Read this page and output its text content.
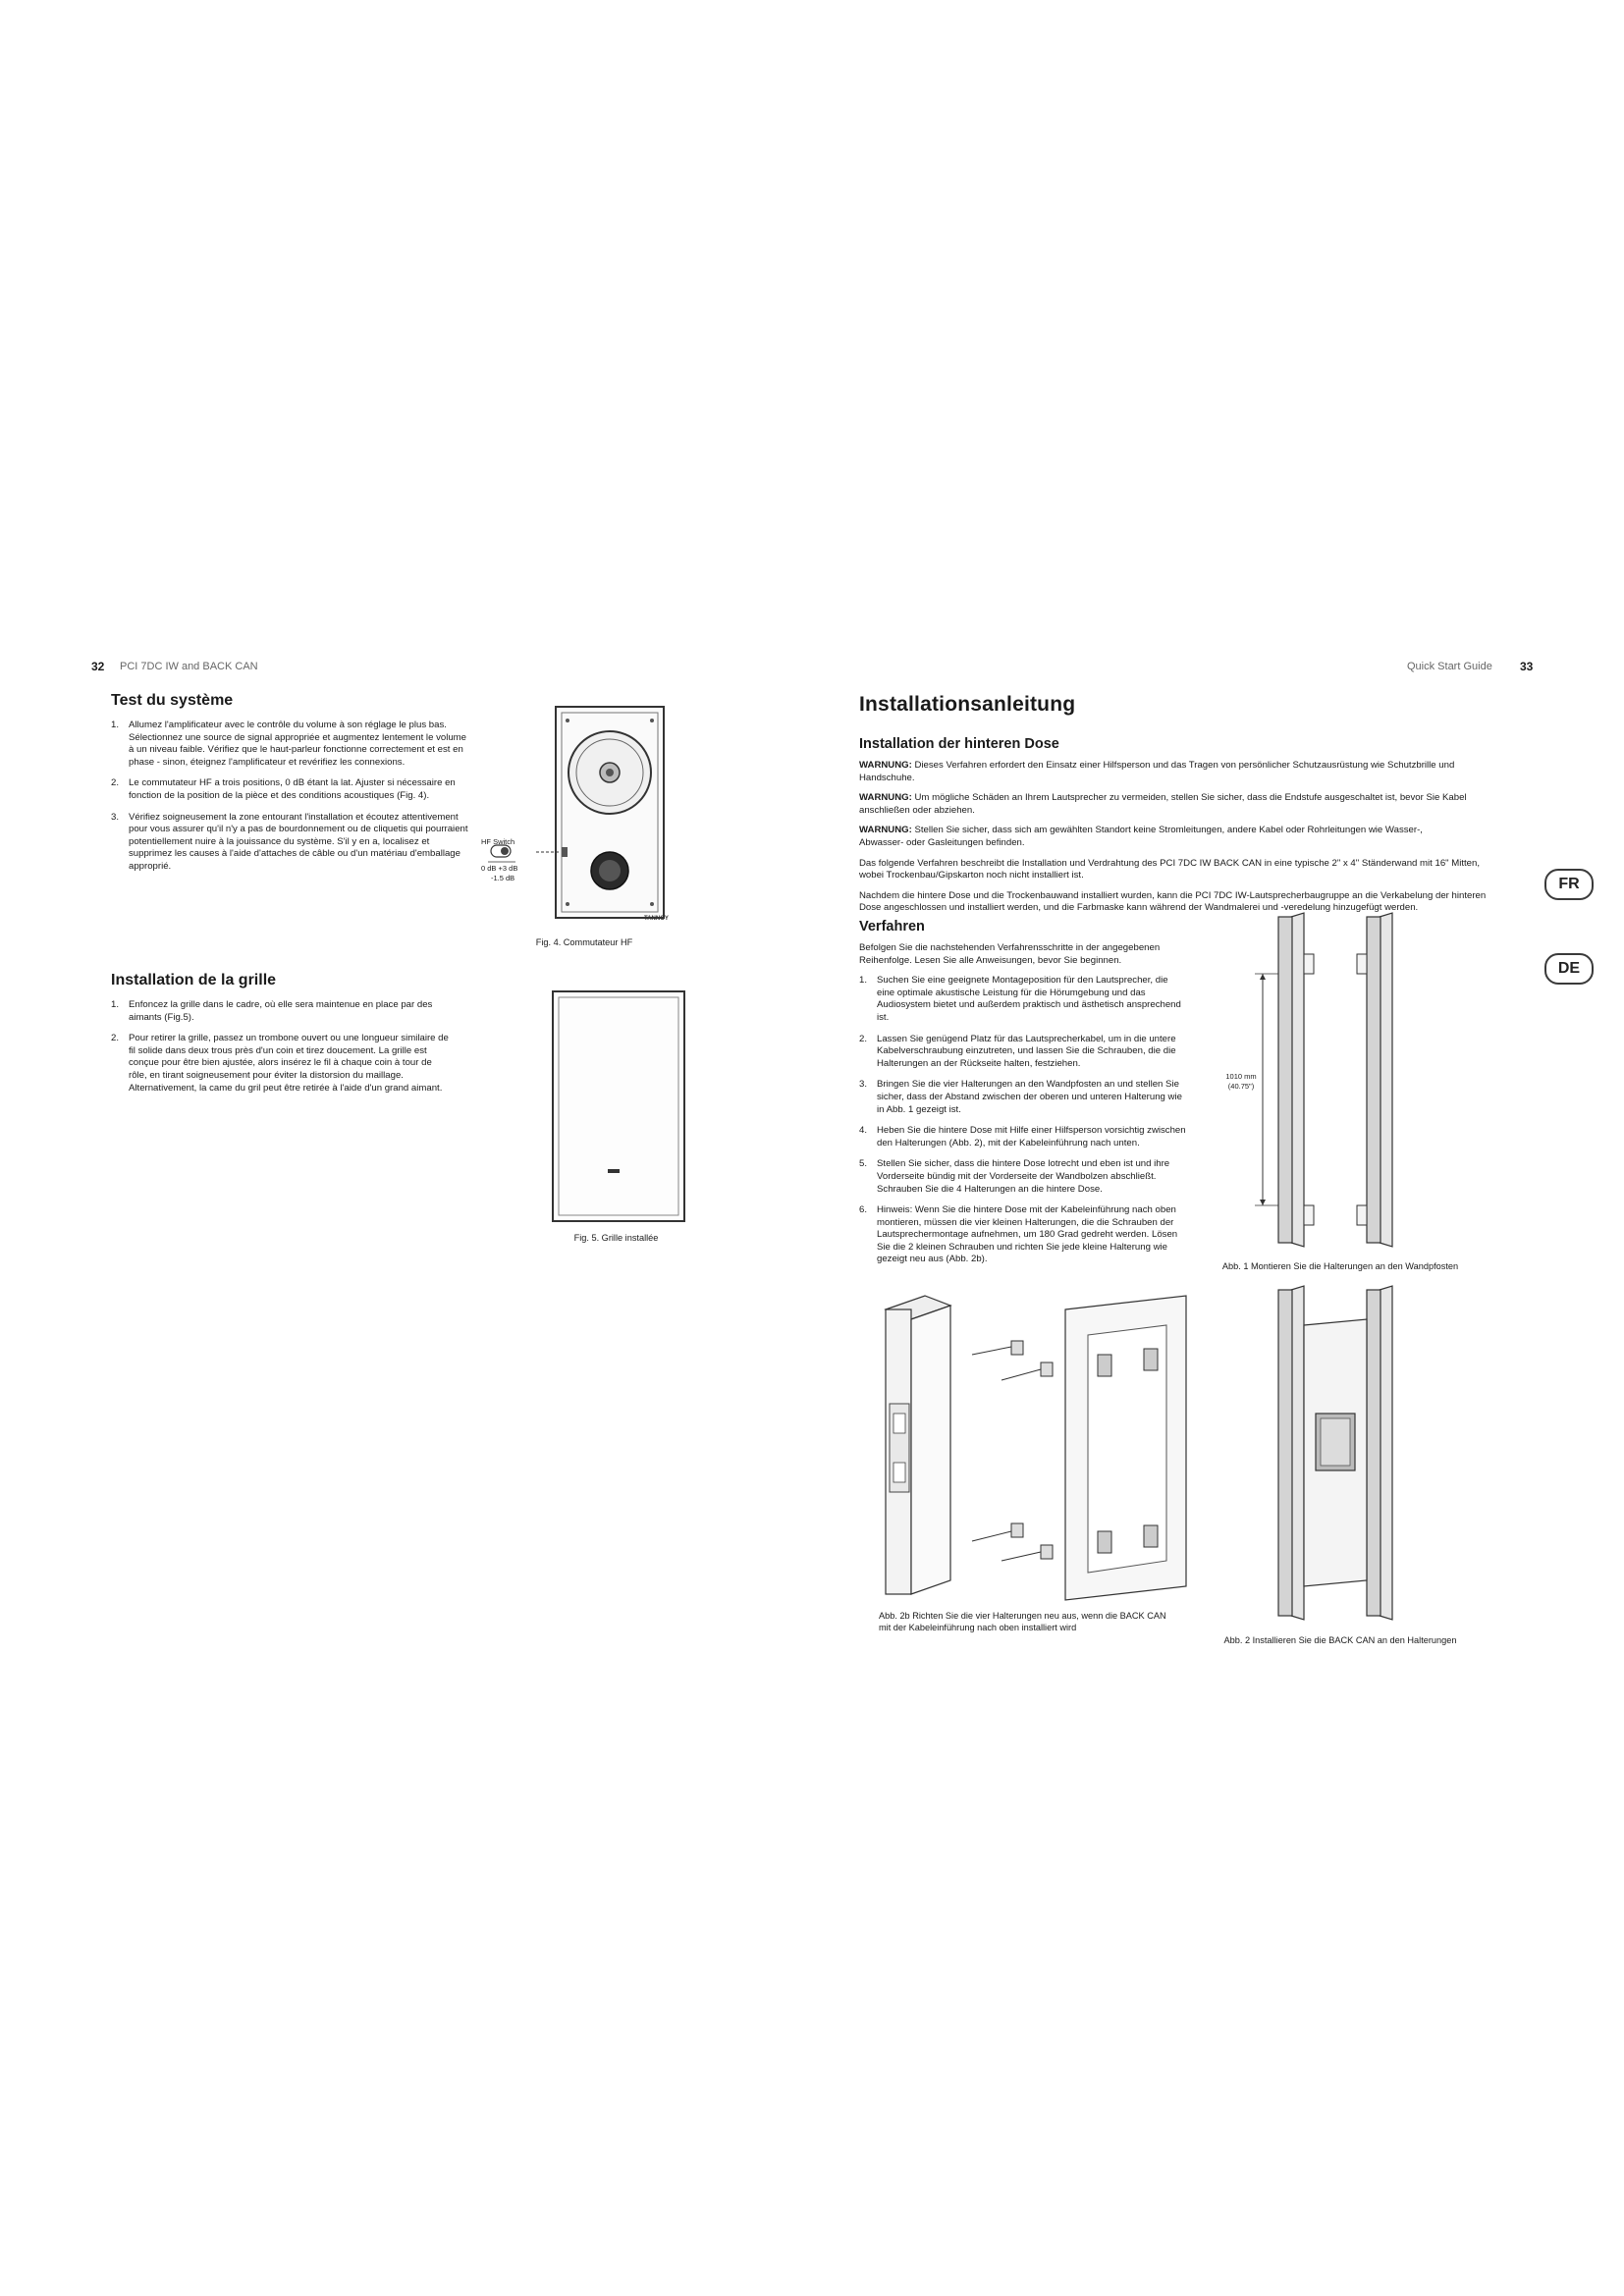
32 PCI 7DC IW and BACK CAN	Quick Start Guide 33
Test du système
1. Allumez l'amplificateur avec le contrôle du volume à son réglage le plus bas. Sélectionnez une source de signal appropriée et augmentez lentement le volume à un niveau faible. Vérifiez que le haut-parleur fonctionne correctement et est en phase - sinon, éteignez l'amplificateur et revérifiez les connexions.
2. Le commutateur HF a trois positions, 0 dB étant la lat. Ajuster si nécessaire en fonction de la position de la pièce et des conditions acoustiques (Fig. 4).
3. Vérifiez soigneusement la zone entourant l'installation et écoutez attentivement pour vous assurer qu'il n'y a pas de bourdonnement ou de cliquetis qui pourraient potentiellement nuire à la jouissance du système. S'il y en a, localisez et supprimez les causes à l'aide d'attaches de câble ou d'un matériau d'emballage approprié.
Installation de la grille
1. Enfoncez la grille dans le cadre, où elle sera maintenue en place par des aimants (Fig.5).
2. Pour retirer la grille, passez un trombone ouvert ou une longueur similaire de fil solide dans deux trous près d'un coin et tirez doucement. La grille est conçue pour être bien ajustée, alors insérez le fil à chaque coin à tour de rôle, en tirant soigneusement pour éviter la distorsion du maillage. Alternativement, la came du gril peut être retirée à l'aide d'un grand aimant.
TANNOY
HF Switch
0 dB +3 dB
-1.5 dB
Fig. 4. Commutateur HF
Fig. 5. Grille installée
Installationsanleitung
Installation der hinteren Dose

WARNUNG: Dieses Verfahren erfordert den Einsatz einer Hilfsperson und das Tragen von persönlicher Schutzausrüstung wie Schutzbrille und Handschuhe.

WARNUNG: Um mögliche Schäden an Ihrem Lautsprecher zu vermeiden, stellen Sie sicher, dass die Endstufe ausgeschaltet ist, bevor Sie Kabel anschließen oder abziehen.

WARNUNG: Stellen Sie sicher, dass sich am gewählten Standort keine Stromleitungen, andere Kabel oder Rohrleitungen wie Wasser-, Abwasser- oder Gasleitungen befinden.

Das folgende Verfahren beschreibt die Installation und Verdrahtung des PCI 7DC IW BACK CAN in eine typische 2" x 4" Ständerwand mit 16" Mitten, wobei Trockenbau/Gipskarton noch nicht installiert ist.

Nachdem die hintere Dose und die Trockenbauwand installiert wurden, kann die PCI 7DC IW-Lautsprecherbaugruppe an die Verkabelung der hinteren Dose angeschlossen und installiert werden, und die Farbmaske kann während der Wandmalerei und -veredelung hinzugefügt werden.

Verfahren

Befolgen Sie die nachstehenden Verfahrensschritte in der angegebenen Reihenfolge. Lesen Sie alle Anweisungen, bevor Sie beginnen.

1. Suchen Sie eine geeignete Montageposition für den Lautsprecher, die eine optimale akustische Leistung für die Hörumgebung und das Audiosystem bietet und außerdem praktisch und ästhetisch ansprechend ist.
2. Lassen Sie genügend Platz für das Lautsprecherkabel, um in die untere Kabelverschraubung einzutreten, und lassen Sie die Schrauben, die die Halterungen an der Rückseite halten, festziehen.
3. Bringen Sie die vier Halterungen an den Wandpfosten an und stellen Sie sicher, dass der Abstand zwischen der oberen und unteren Halterung wie in Abb. 1 gezeigt ist.
4. Heben Sie die hintere Dose mit Hilfe einer Hilfsperson vorsichtig zwischen den Halterungen (Abb. 2), mit der Kabeleinführung nach unten.
5. Stellen Sie sicher, dass die hintere Dose lotrecht und eben ist und ihre Vorderseite bündig mit der Vorderseite der Wandbolzen abschließt. Schrauben Sie die 4 Halterungen an die hintere Dose.
6. Hinweis: Wenn Sie die hintere Dose mit der Kabeleinführung nach oben montieren, müssen die vier kleinen Halterungen, die die Schrauben der Lautsprechermontage aufnehmen, um 180 Grad gedreht werden. Lösen Sie die 2 kleinen Schrauben und richten Sie jede kleine Halterung wie gezeigt neu aus (Abb. 2b).
1010 mm
(40.75")
Abb. 1 Montieren Sie die Halterungen an den Wandpfosten
Abb. 2b Richten Sie die vier Halterungen neu aus, wenn die BACK CAN mit der Kabeleinführung nach oben installiert wird
Abb. 2 Installieren Sie die BACK CAN an den Halterungen
FR
DE
